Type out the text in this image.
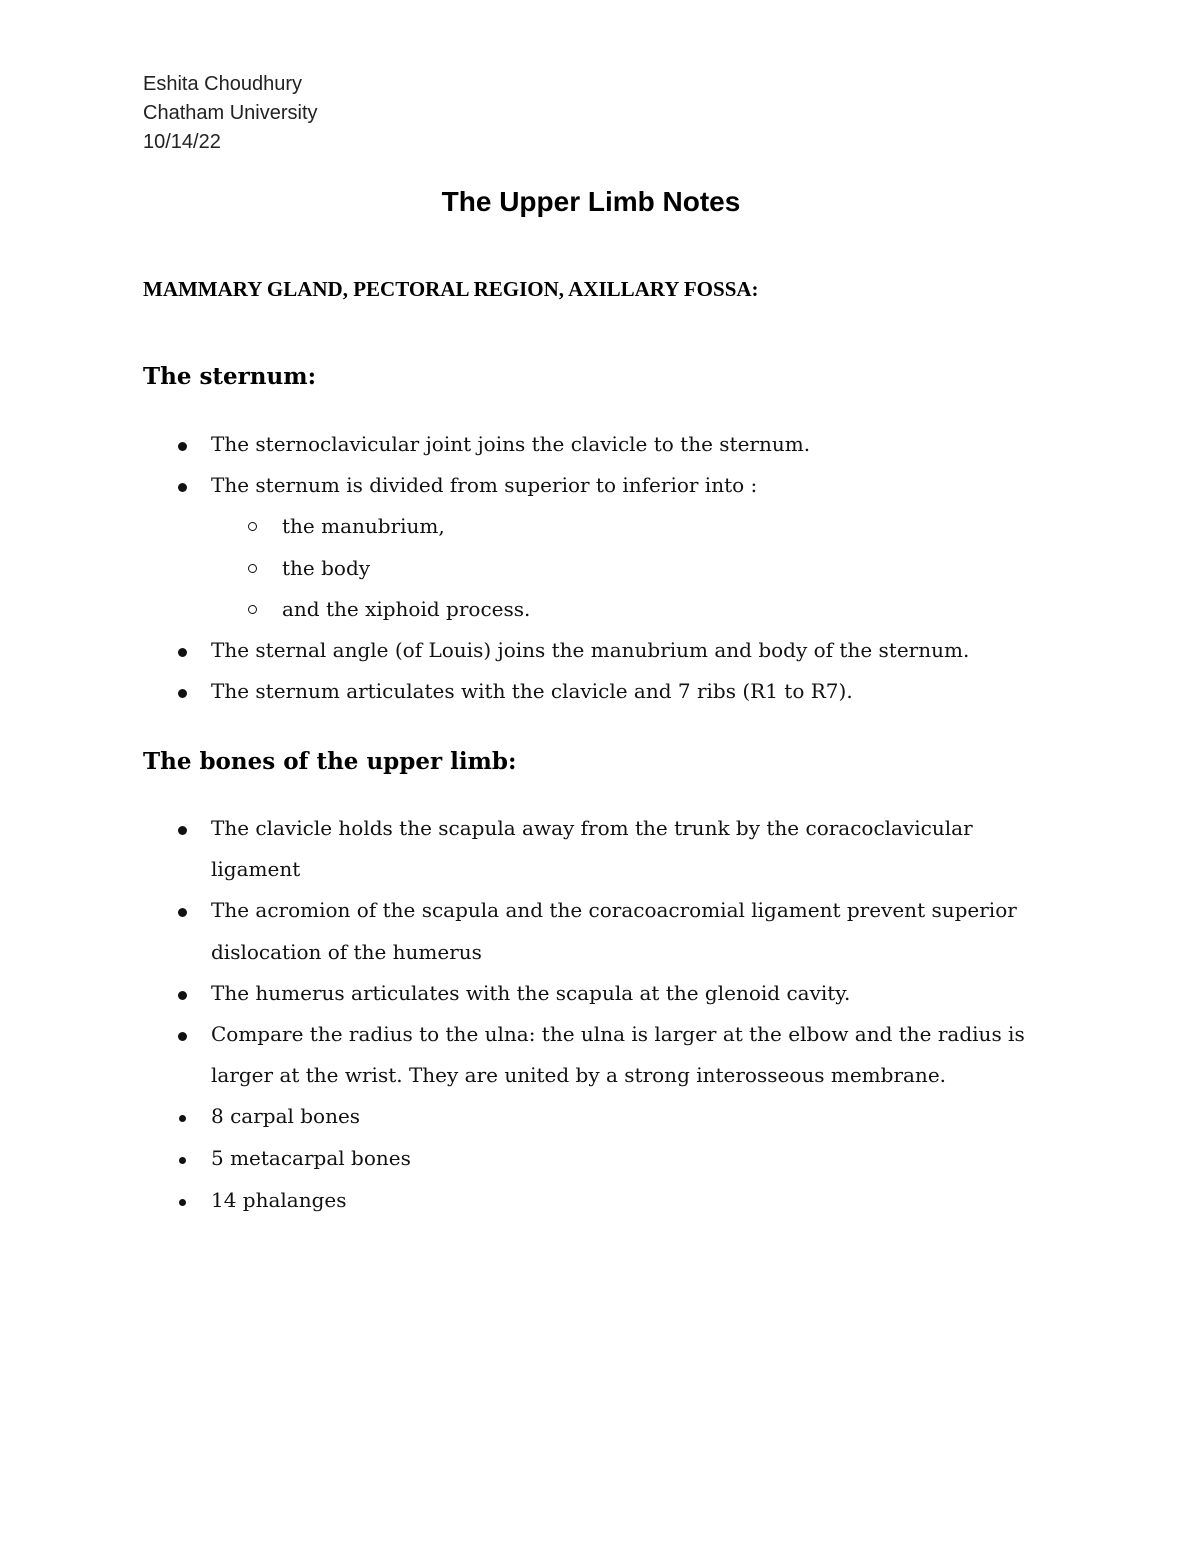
Eshita Choudhury
Chatham University
10/14/22
The Upper Limb Notes
MAMMARY GLAND, PECTORAL REGION, AXILLARY FOSSA:
The sternum:
The sternoclavicular joint joins the clavicle to the sternum.
The sternum is divided from superior to inferior into :
the manubrium,
the body
and the xiphoid process.
The sternal angle (of Louis) joins the manubrium and body of the sternum.
The sternum articulates with the clavicle and 7 ribs (R1 to R7).
The bones of the upper limb:
The clavicle holds the scapula away from the trunk by the coracoclavicular ligament
The acromion of the scapula and the coracoacromial ligament prevent superior dislocation of the humerus
The humerus articulates with the scapula at the glenoid cavity.
Compare the radius to the ulna: the ulna is larger at the elbow and the radius is larger at the wrist. They are united by a strong interosseous membrane.
8 carpal bones
5 metacarpal bones
14 phalanges
